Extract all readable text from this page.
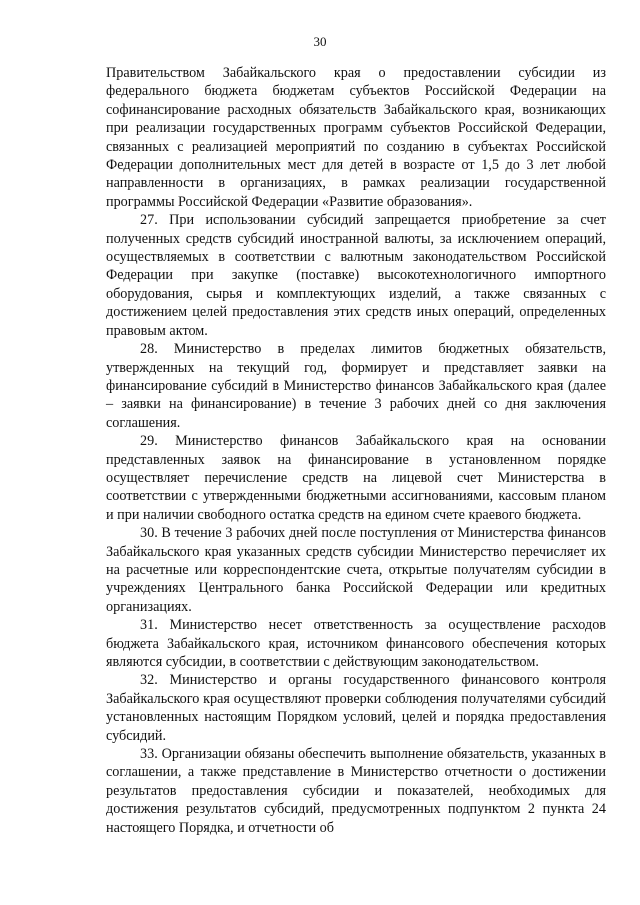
30

Правительством Забайкальского края о предоставлении субсидии из федерального бюджета бюджетам субъектов Российской Федерации на софинансирование расходных обязательств Забайкальского края, возникающих при реализации государственных программ субъектов Российской Федерации, связанных с реализацией мероприятий по созданию в субъектах Российской Федерации дополнительных мест для детей в возрасте от 1,5 до 3 лет любой направленности в организациях, в рамках реализации государственной программы Российской Федерации «Развитие образования».

27. При использовании субсидий запрещается приобретение за счет полученных средств субсидий иностранной валюты, за исключением операций, осуществляемых в соответствии с валютным законодательством Российской Федерации при закупке (поставке) высокотехнологичного импортного оборудования, сырья и комплектующих изделий, а также связанных с достижением целей предоставления этих средств иных операций, определенных правовым актом.

28. Министерство в пределах лимитов бюджетных обязательств, утвержденных на текущий год, формирует и представляет заявки на финансирование субсидий в Министерство финансов Забайкальского края (далее – заявки на финансирование) в течение 3 рабочих дней со дня заключения соглашения.

29. Министерство финансов Забайкальского края на основании представленных заявок на финансирование в установленном порядке осуществляет перечисление средств на лицевой счет Министерства в соответствии с утвержденными бюджетными ассигнованиями, кассовым планом и при наличии свободного остатка средств на едином счете краевого бюджета.

30. В течение 3 рабочих дней после поступления от Министерства финансов Забайкальского края указанных средств субсидии Министерство перечисляет их на расчетные или корреспондентские счета, открытые получателям субсидии в учреждениях Центрального банка Российской Федерации или кредитных организациях.

31. Министерство несет ответственность за осуществление расходов бюджета Забайкальского края, источником финансового обеспечения которых являются субсидии, в соответствии с действующим законодательством.

32. Министерство и органы государственного финансового контроля Забайкальского края осуществляют проверки соблюдения получателями субсидий установленных настоящим Порядком условий, целей и порядка предоставления субсидий.

33. Организации обязаны обеспечить выполнение обязательств, указанных в соглашении, а также представление в Министерство отчетности о достижении результатов предоставления субсидии и показателей, необходимых для достижения результатов субсидий, предусмотренных подпунктом 2 пункта 24 настоящего Порядка, и отчетности об
